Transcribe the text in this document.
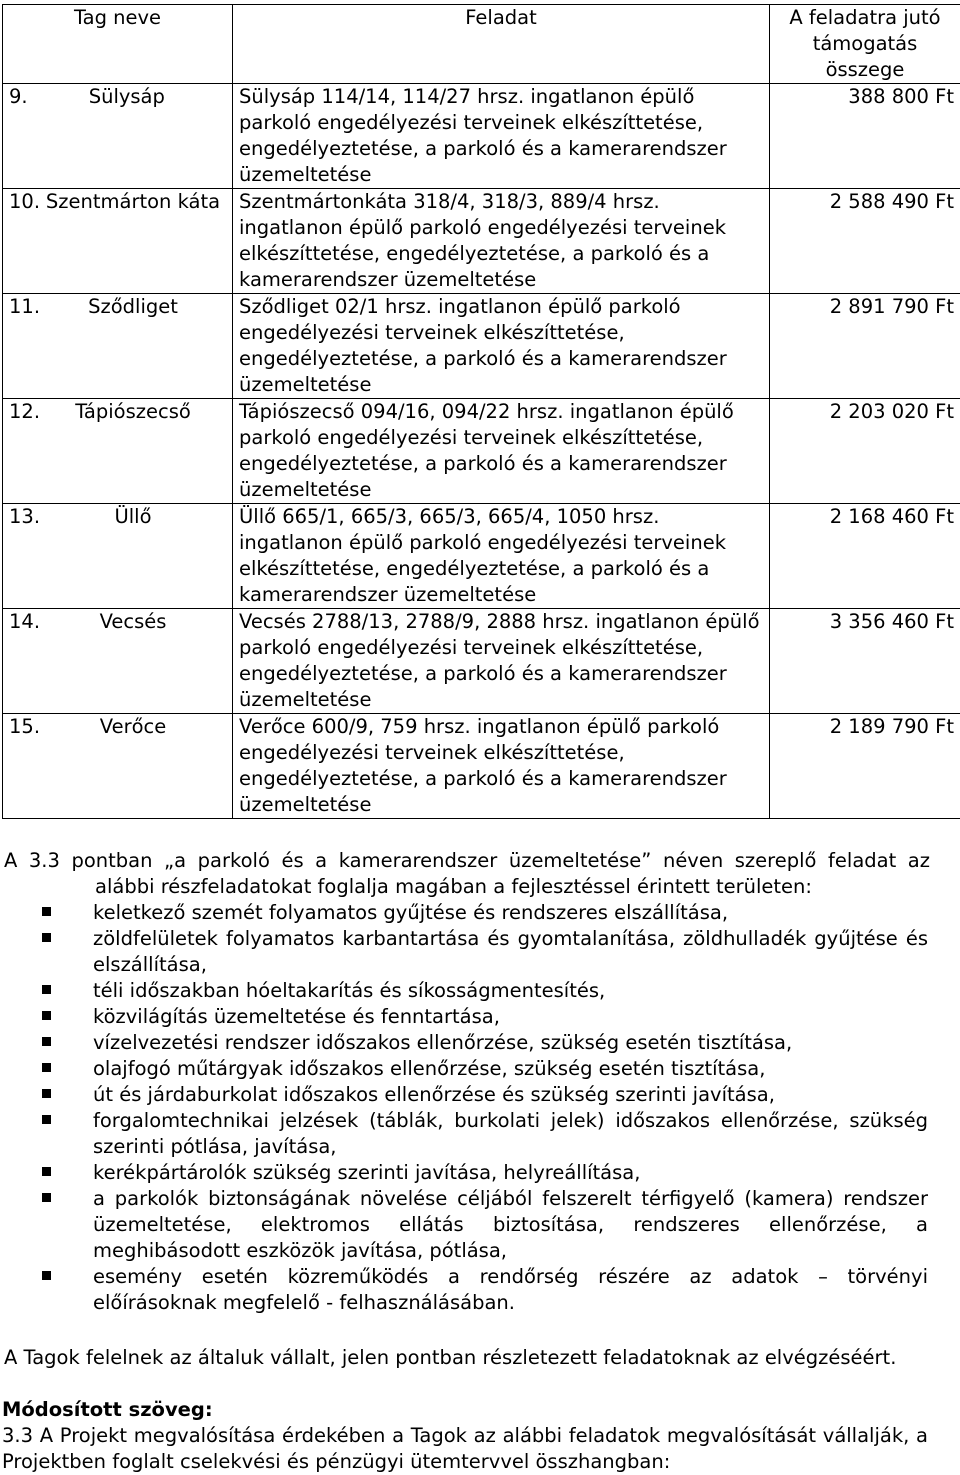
Tag neve	Feladat	A feladatra jutó támogatás összege

9. Sülysáp	Sülysáp 114/14, 114/27 hrsz. ingatlanon épülő parkoló engedélyezési terveinek elkészíttetése, engedélyeztetése, a parkoló és a kamerarendszer üzemeltetése	388 800 Ft

10. Szentmárton káta	Szentmártonkáta 318/4, 318/3, 889/4 hrsz. ingatlanon épülő parkoló engedélyezési terveinek elkészíttetése, engedélyeztetése, a parkoló és a kamerarendszer üzemeltetése	2 588 490 Ft

11. Sződliget	Sződliget 02/1 hrsz. ingatlanon épülő parkoló engedélyezési terveinek elkészíttetése, engedélyeztetése, a parkoló és a kamerarendszer üzemeltetése	2 891 790 Ft

12. Tápiószecső	Tápiószecső 094/16, 094/22 hrsz. ingatlanon épülő parkoló engedélyezési terveinek elkészíttetése, engedélyeztetése, a parkoló és a kamerarendszer üzemeltetése	2 203 020 Ft

13. Üllő	Üllő 665/1, 665/3, 665/3, 665/4, 1050 hrsz. ingatlanon épülő parkoló engedélyezési terveinek elkészíttetése, engedélyeztetése, a parkoló és a kamerarendszer üzemeltetése	2 168 460 Ft

14. Vecsés	Vecsés 2788/13, 2788/9, 2888 hrsz. ingatlanon épülő parkoló engedélyezési terveinek elkészíttetése, engedélyeztetése, a parkoló és a kamerarendszer üzemeltetése	3 356 460 Ft

15. Verőce	Verőce 600/9, 759 hrsz. ingatlanon épülő parkoló engedélyezési terveinek elkészíttetése, engedélyeztetése, a parkoló és a kamerarendszer üzemeltetése	2 189 790 Ft

A 3.3 pontban „a parkoló és a kamerarendszer üzemeltetése” néven szereplő feladat az alábbi részfeladatokat foglalja magában a fejlesztéssel érintett területen:

keletkező szemét folyamatos gyűjtése és rendszeres elszállítása,
zöldfelületek folyamatos karbantartása és gyomtalanítása, zöldhulladék gyűjtése és elszállítása,
téli időszakban hóeltakarítás és síkosságmentesítés,
közvilágítás üzemeltetése és fenntartása,
vízelvezetési rendszer időszakos ellenőrzése, szükség esetén tisztítása,
olajfogó műtárgyak időszakos ellenőrzése, szükség esetén tisztítása,
út és járdaburkolat időszakos ellenőrzése és szükség szerinti javítása,
forgalomtechnikai jelzések (táblák, burkolati jelek) időszakos ellenőrzése, szükség szerinti pótlása, javítása,
kerékpártárolók szükség szerinti javítása, helyreállítása,
a parkolók biztonságának növelése céljából felszerelt térfigyelő (kamera) rendszer üzemeltetése, elektromos ellátás biztosítása, rendszeres ellenőrzése, a meghibásodott eszközök javítása, pótlása,
esemény esetén közreműködés a rendőrség részére az adatok – törvényi előírásoknak megfelelő - felhasználásában.

A Tagok felelnek az általuk vállalt, jelen pontban részletezett feladatoknak az elvégzéséért.

Módosított szöveg:

3.3 A Projekt megvalósítása érdekében a Tagok az alábbi feladatok megvalósítását vállalják, a Projektben foglalt cselekvési és pénzügyi ütemtervvel összhangban:
